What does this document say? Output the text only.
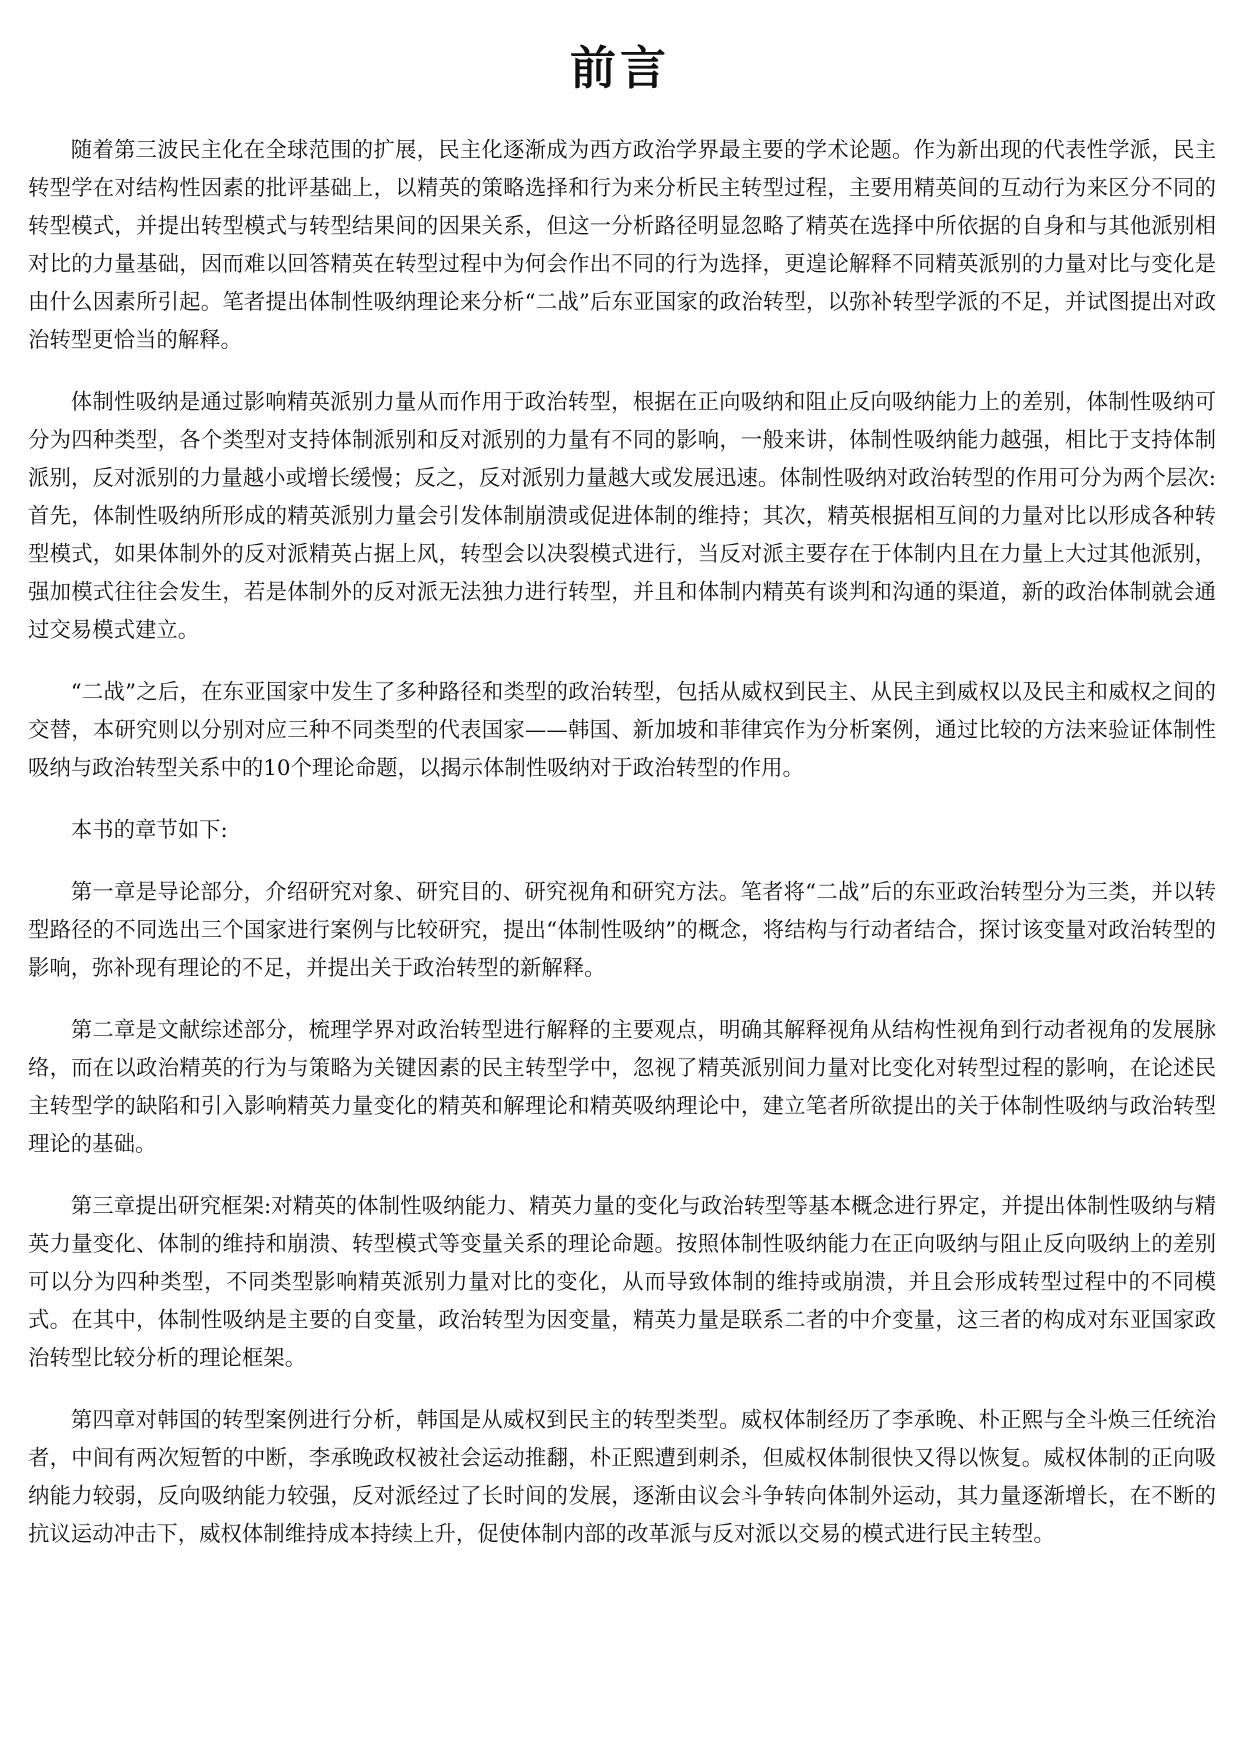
前言

随着第三波民主化在全球范围的扩展，民主化逐渐成为西方政治学界最主要的学术论题。作为新出现的代表性学派，民主转型学在对结构性因素的批评基础上，以精英的策略选择和行为来分析民主转型过程，主要用精英间的互动行为来区分不同的转型模式，并提出转型模式与转型结果间的因果关系，但这一分析路径明显忽略了精英在选择中所依据的自身和与其他派别相对比的力量基础，因而难以回答精英在转型过程中为何会作出不同的行为选择，更遑论解释不同精英派别的力量对比与变化是由什么因素所引起。笔者提出体制性吸纳理论来分析“二战”后东亚国家的政治转型，以弥补转型学派的不足，并试图提出对政治转型更恰当的解释。

体制性吸纳是通过影响精英派别力量从而作用于政治转型，根据在正向吸纳和阻止反向吸纳能力上的差别，体制性吸纳可分为四种类型，各个类型对支持体制派别和反对派别的力量有不同的影响，一般来讲，体制性吸纳能力越强，相比于支持体制派别，反对派别的力量越小或增长缓慢；反之，反对派别力量越大或发展迅速。体制性吸纳对政治转型的作用可分为两个层次:首先，体制性吸纳所形成的精英派别力量会引发体制崩溃或促进体制的维持；其次，精英根据相互间的力量对比以形成各种转型模式，如果体制外的反对派精英占据上风，转型会以决裂模式进行，当反对派主要存在于体制内且在力量上大过其他派别，强加模式往往会发生，若是体制外的反对派无法独力进行转型，并且和体制内精英有谈判和沟通的渠道，新的政治体制就会通过交易模式建立。

“二战”之后，在东亚国家中发生了多种路径和类型的政治转型，包括从威权到民主、从民主到威权以及民主和威权之间的交替，本研究则以分别对应三种不同类型的代表国家——韩国、新加坡和菲律宾作为分析案例，通过比较的方法来验证体制性吸纳与政治转型关系中的10个理论命题，以揭示体制性吸纳对于政治转型的作用。

本书的章节如下:

第一章是导论部分，介绍研究对象、研究目的、研究视角和研究方法。笔者将“二战”后的东亚政治转型分为三类，并以转型路径的不同选出三个国家进行案例与比较研究，提出“体制性吸纳”的概念，将结构与行动者结合，探讨该变量对政治转型的影响，弥补现有理论的不足，并提出关于政治转型的新解释。

第二章是文献综述部分，梳理学界对政治转型进行解释的主要观点，明确其解释视角从结构性视角到行动者视角的发展脉络，而在以政治精英的行为与策略为关键因素的民主转型学中，忽视了精英派别间力量对比变化对转型过程的影响，在论述民主转型学的缺陷和引入影响精英力量变化的精英和解理论和精英吸纳理论中，建立笔者所欲提出的关于体制性吸纳与政治转型理论的基础。

第三章提出研究框架:对精英的体制性吸纳能力、精英力量的变化与政治转型等基本概念进行界定，并提出体制性吸纳与精英力量变化、体制的维持和崩溃、转型模式等变量关系的理论命题。按照体制性吸纳能力在正向吸纳与阻止反向吸纳上的差别可以分为四种类型，不同类型影响精英派别力量对比的变化，从而导致体制的维持或崩溃，并且会形成转型过程中的不同模式。在其中，体制性吸纳是主要的自变量，政治转型为因变量，精英力量是联系二者的中介变量，这三者的构成对东亚国家政治转型比较分析的理论框架。

第四章对韩国的转型案例进行分析，韩国是从威权到民主的转型类型。威权体制经历了李承晚、朴正熙与全斗焕三任统治者，中间有两次短暂的中断，李承晚政权被社会运动推翻，朴正熙遭到刺杀，但威权体制很快又得以恢复。威权体制的正向吸纳能力较弱，反向吸纳能力较强，反对派经过了长时间的发展，逐渐由议会斗争转向体制外运动，其力量逐渐增长，在不断的抗议运动冲击下，威权体制维持成本持续上升，促使体制内部的改革派与反对派以交易的模式进行民主转型。
